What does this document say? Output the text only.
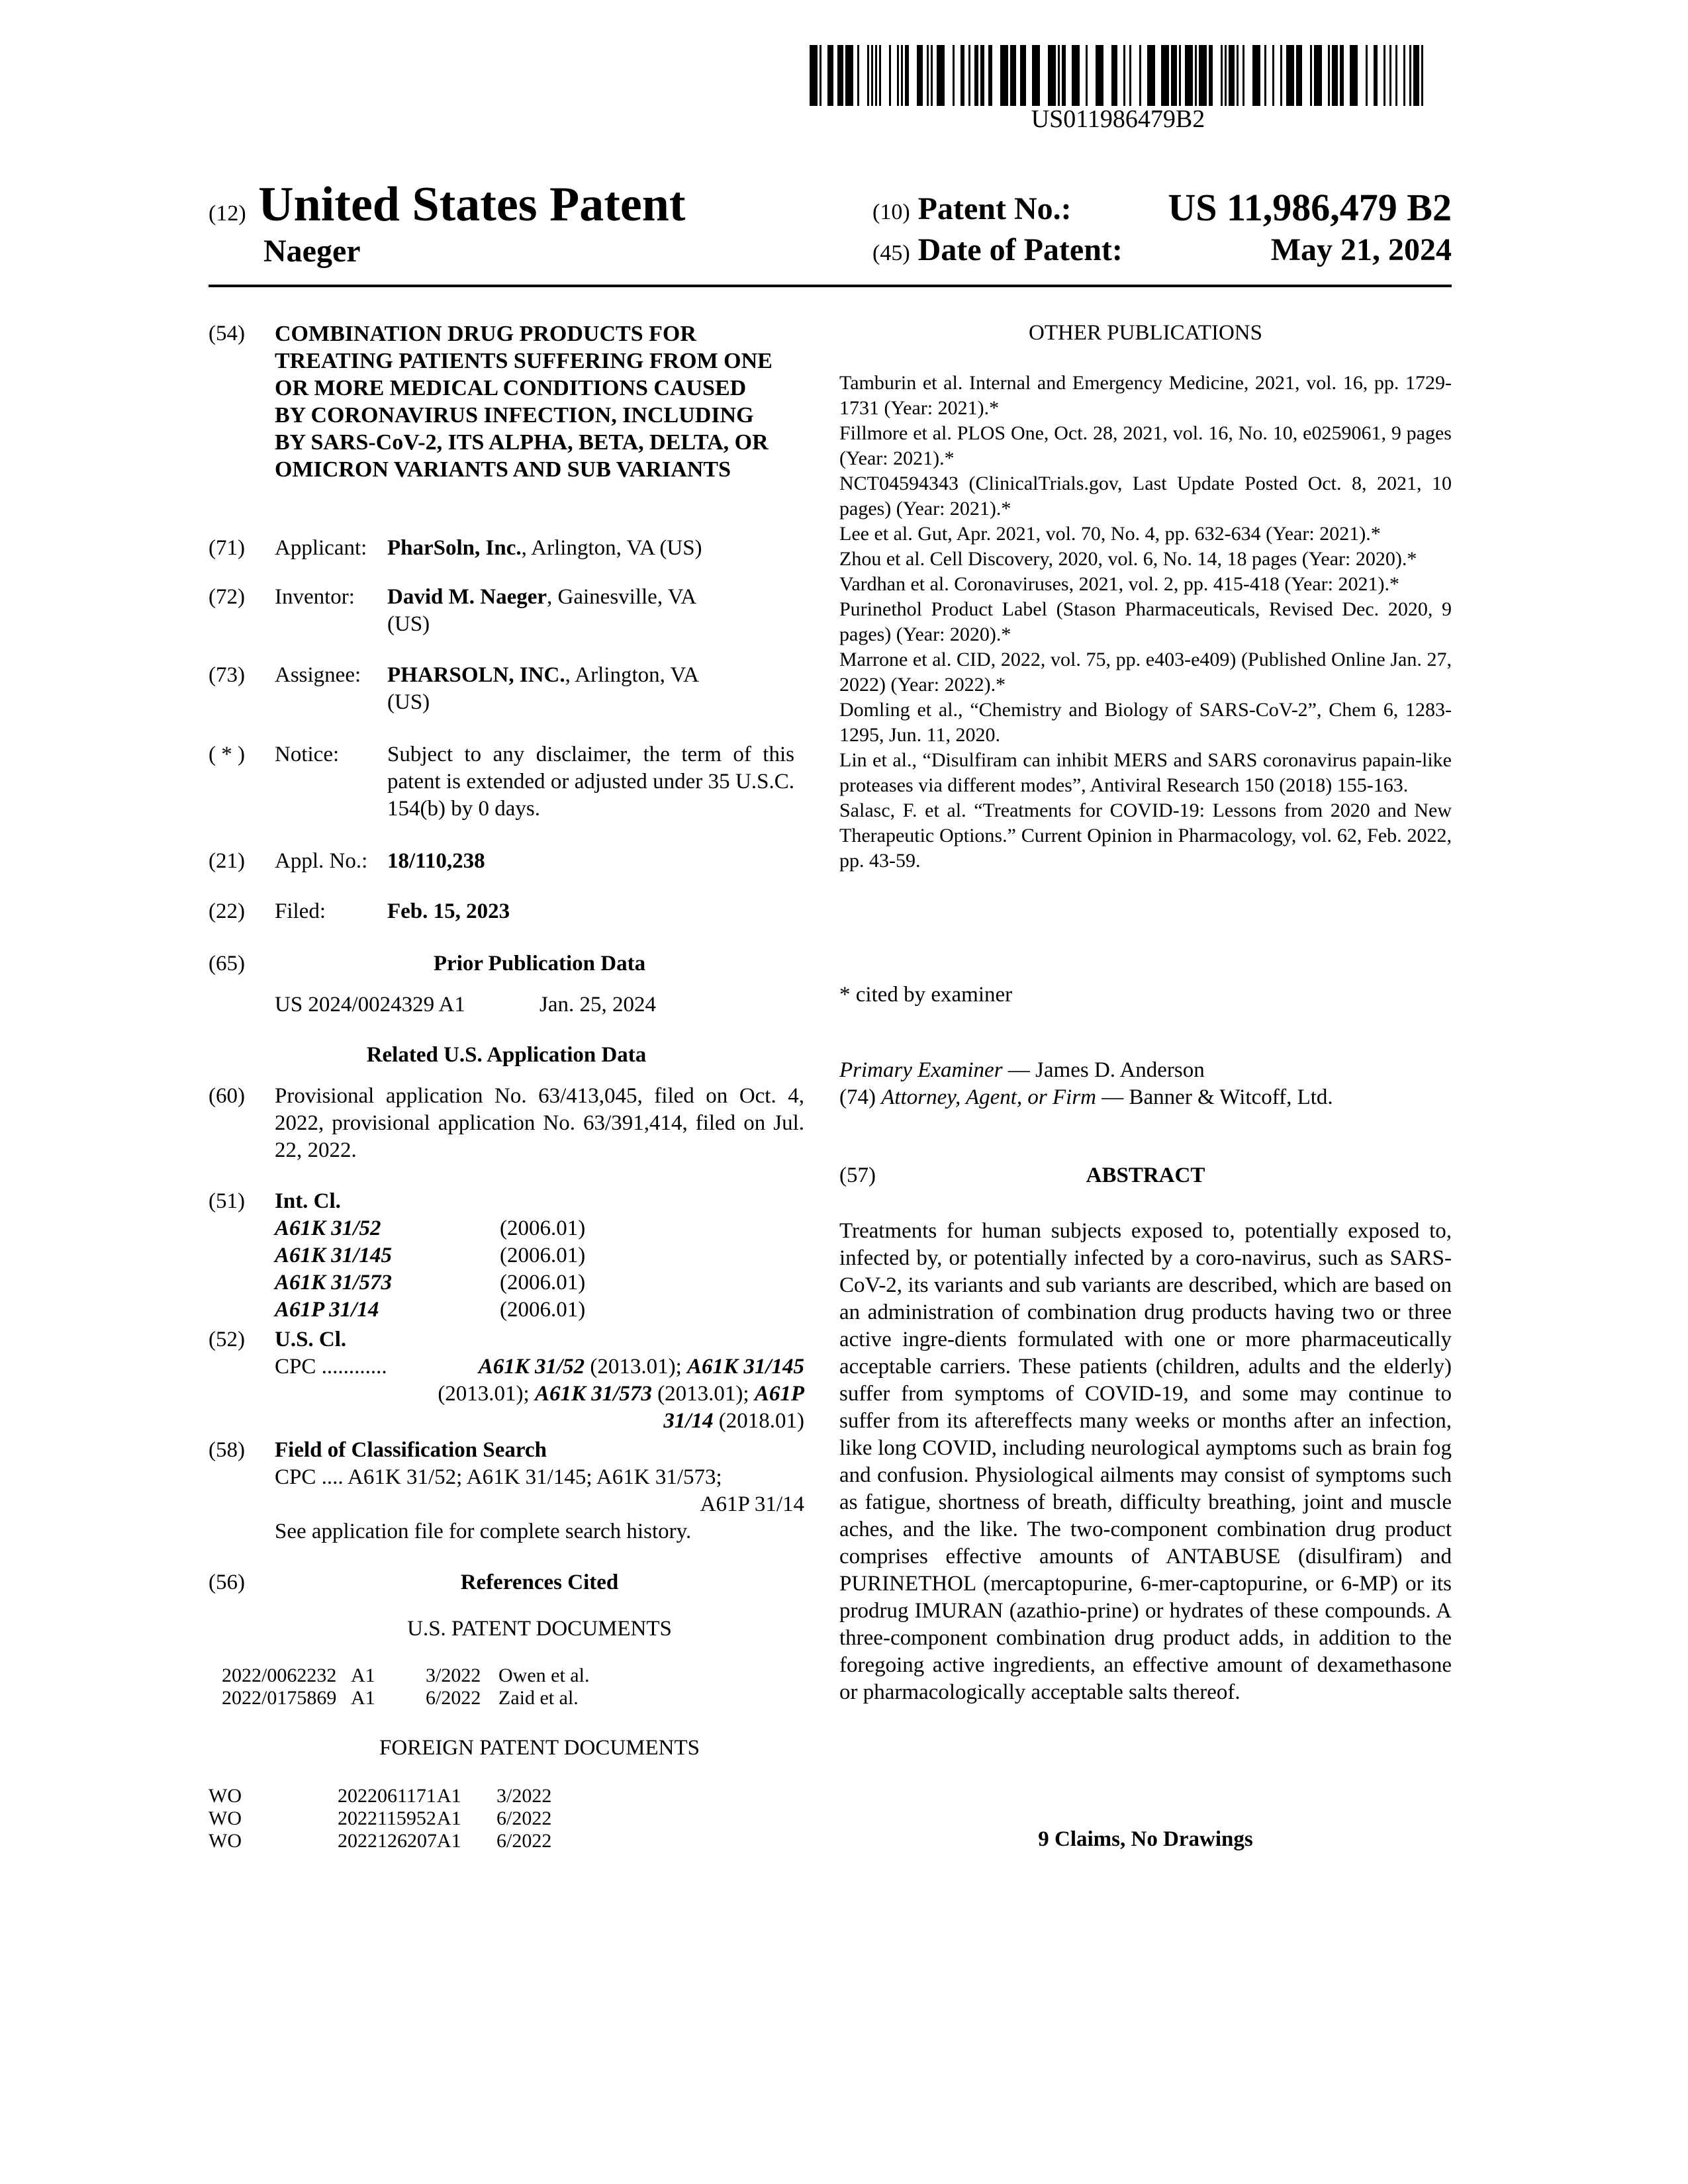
US011986479B2
(12) United States Patent
Naeger
(10) Patent No.:	US 11,986,479 B2
(45) Date of Patent:	May 21, 2024
(54) COMBINATION DRUG PRODUCTS FOR TREATING PATIENTS SUFFERING FROM ONE OR MORE MEDICAL CONDITIONS CAUSED BY CORONAVIRUS INFECTION, INCLUDING BY SARS-CoV-2, ITS ALPHA, BETA, DELTA, OR OMICRON VARIANTS AND SUB VARIANTS
(71) Applicant: PharSoln, Inc., Arlington, VA (US)
(72) Inventor: David M. Naeger, Gainesville, VA
(US)
(73) Assignee: PHARSOLN, INC., Arlington, VA
(US)
( * ) Notice: Subject to any disclaimer, the term of this patent is extended or adjusted under 35 U.S.C. 154(b) by 0 days.
(21) Appl. No.: 18/110,238
(22) Filed:	Feb. 15, 2023
(65)	Prior Publication Data
US 2024/0024329 A1	Jan. 25, 2024
Related U.S. Application Data
(60) Provisional application No. 63/413,045, filed on Oct. 4, 2022, provisional application No. 63/391,414, filed on Jul. 22, 2022.
(51) Int. Cl.
A61K 31/52	(2006.01)
A61K 31/145	(2006.01)
A61K 31/573	(2006.01)
A61P 31/14	(2006.01)
(52) U.S. Cl.
CPC ............	A61K 31/52 (2013.01); A61K 31/145
(2013.01); A61K 31/573 (2013.01); A61P
31/14 (2018.01)
(58) Field of Classification Search
CPC .... A61K 31/52; A61K 31/145; A61K 31/573;
A61P 31/14
See application file for complete search history.
(56)	References Cited
U.S. PATENT DOCUMENTS
2022/0062232 A1	3/2022 Owen et al.
2022/0175869 A1	6/2022 Zaid et al.
FOREIGN PATENT DOCUMENTS
WO	2022061171 A1 3/2022
WO	2022115952 A1 6/2022
WO	2022126207 A1 6/2022
OTHER PUBLICATIONS

Tamburin et al. Internal and Emergency Medicine, 2021, vol. 16, pp. 1729-1731 (Year: 2021).*

Fillmore et al. PLOS One, Oct. 28, 2021, vol. 16, No. 10, e0259061, 9 pages (Year: 2021).*

NCT04594343 (ClinicalTrials.gov, Last Update Posted Oct. 8, 2021, 10 pages) (Year: 2021).*

Lee et al. Gut, Apr. 2021, vol. 70, No. 4, pp. 632-634 (Year: 2021).*

Zhou et al. Cell Discovery, 2020, vol. 6, No. 14, 18 pages (Year: 2020).*

Vardhan et al. Coronaviruses, 2021, vol. 2, pp. 415-418 (Year: 2021).*

Purinethol Product Label (Stason Pharmaceuticals, Revised Dec. 2020, 9 pages) (Year: 2020).*

Marrone et al. CID, 2022, vol. 75, pp. e403-e409) (Published Online Jan. 27, 2022) (Year: 2022).*

Domling et al., “Chemistry and Biology of SARS-CoV-2”, Chem 6, 1283-1295, Jun. 11, 2020.

Lin et al., “Disulfiram can inhibit MERS and SARS coronavirus papain-like proteases via different modes”, Antiviral Research 150 (2018) 155-163.

Salasc, F. et al. “Treatments for COVID-19: Lessons from 2020 and New Therapeutic Options.” Current Opinion in Pharmacology, vol. 62, Feb. 2022, pp. 43-59.

* cited by examiner
Primary Examiner — James D. Anderson
(74) Attorney, Agent, or Firm — Banner & Witcoff, Ltd.
(57)	ABSTRACT
Treatments for human subjects exposed to, potentially exposed to, infected by, or potentially infected by a coro-navirus, such as SARS-CoV-2, its variants and sub variants are described, which are based on an administration of combination drug products having two or three active ingre-dients formulated with one or more pharmaceutically acceptable carriers. These patients (children, adults and the elderly) suffer from symptoms of COVID-19, and some may continue to suffer from its aftereffects many weeks or months after an infection, like long COVID, including neurological aymptoms such as brain fog and confusion. Physiological ailments may consist of symptoms such as fatigue, shortness of breath, difficulty breathing, joint and muscle aches, and the like. The two-component combination drug product comprises effective amounts of ANTABUSE (disulfiram) and PURINETHOL (mercaptopurine, 6-mer-captopurine, or 6-MP) or its prodrug IMURAN (azathio-prine) or hydrates of these compounds. A three-component combination drug product adds, in addition to the foregoing active ingredients, an effective amount of dexamethasone or pharmacologically acceptable salts thereof.
9 Claims, No Drawings
